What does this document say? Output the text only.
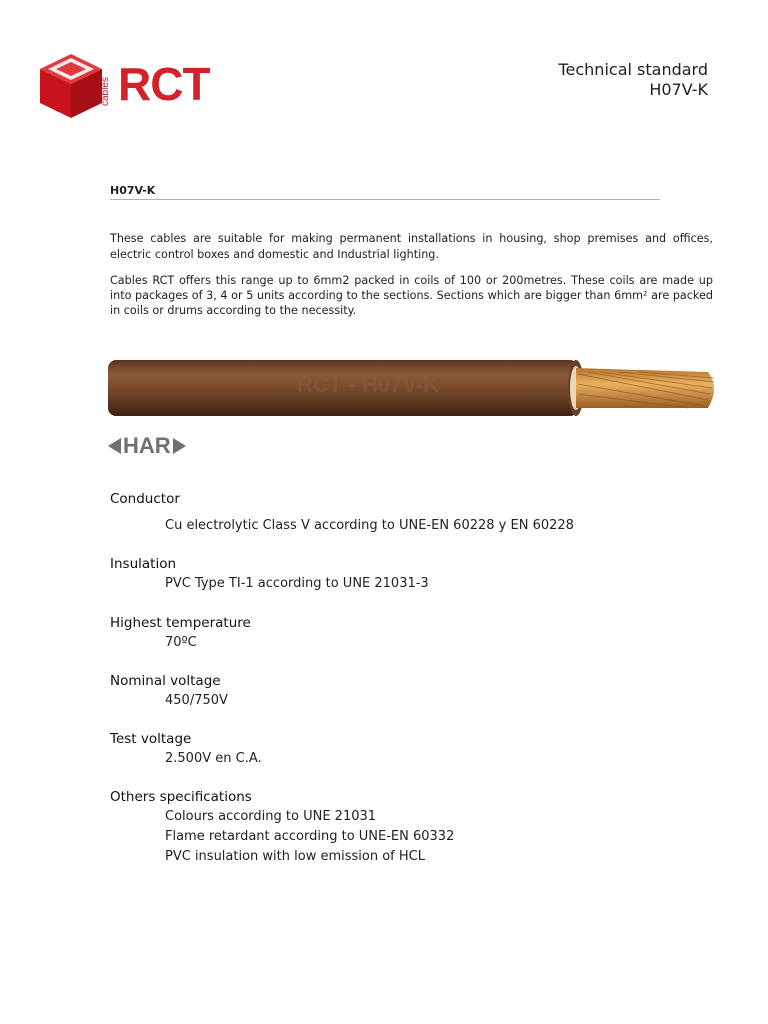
cables RCT	Technical standard
H07V-K
H07V-K
These cables are suitable for making permanent installations in housing, shop premises and offices, electric control boxes and domestic and Industrial lighting.
Cables RCT offers this range up to 6mm2 packed in coils of 100 or 200metres. These coils are made up into packages of 3, 4 or 5 units according to the sections. Sections which are bigger than 6mm² are packed in coils or drums according to the necessity.
RCT - H07V-K
HAR
Conductor
Cu electrolytic Class V according to UNE-EN 60228 y EN 60228
Insulation
PVC Type TI-1 according to UNE 21031-3
Highest temperature
70ºC
Nominal voltage
450/750V
Test voltage
2.500V en C.A.
Others specifications
Colours according to UNE 21031
Flame retardant according to UNE-EN 60332
PVC insulation with low emission of HCL
